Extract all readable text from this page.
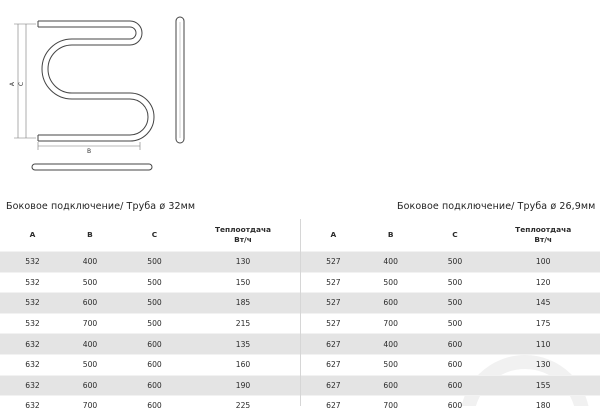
A C
B
Боковое подключение/ Труба ø 32мм	Боковое подключение/ Труба ø 26,9мм
A	B	C	Теплоотдача
Вт/ч
532	400	500	130
532	500	500	150
532	600	500	185
532	700	500	215
632	400	600	135
632	500	600	160
632	600	600	190
632	700	600	225
A	B	C	Теплоотдача
Вт/ч
527	400	500	100
527	500	500	120
527	600	500	145
527	700	500	175
627	400	600	110
627	500	600	130
627	600	600	155
627	700	600	180
